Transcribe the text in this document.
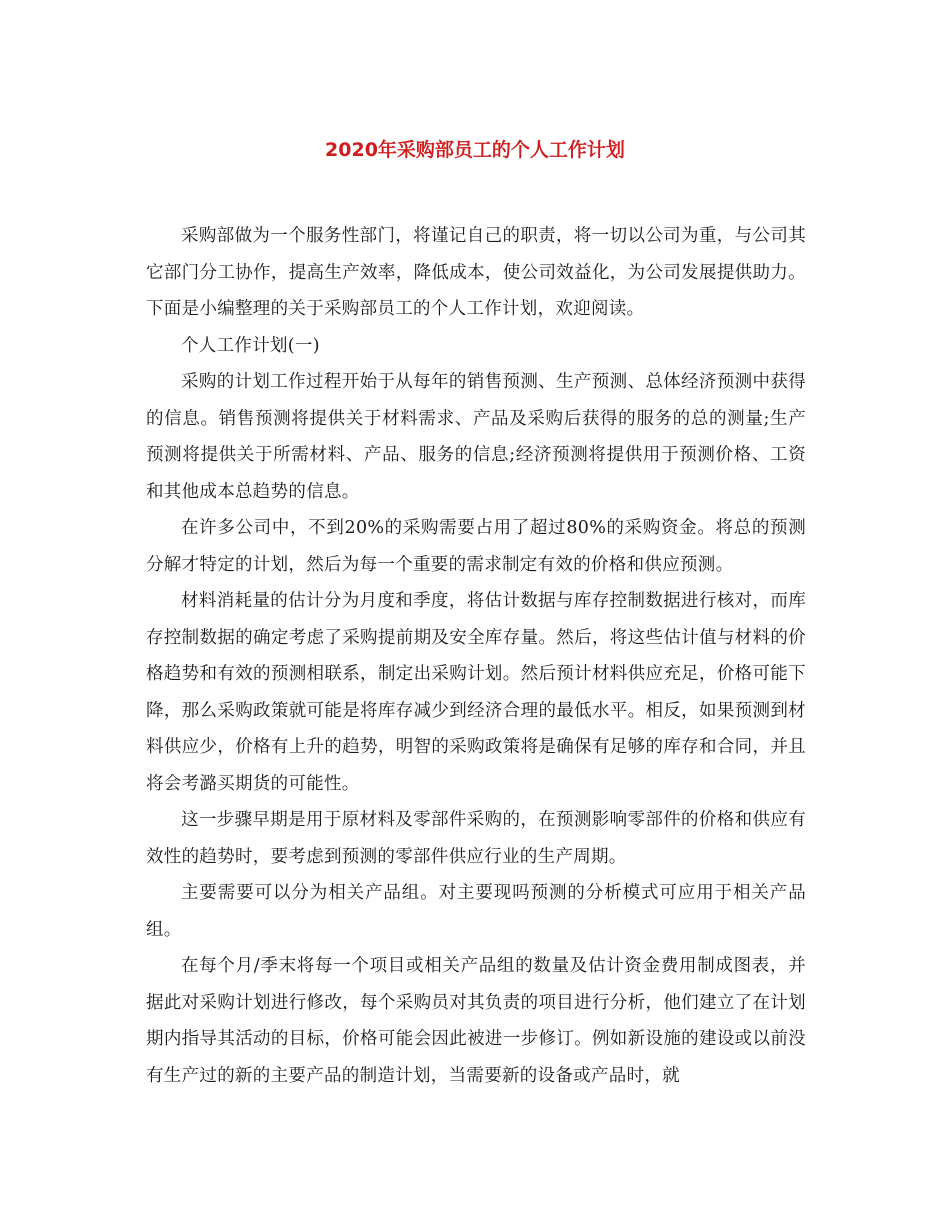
2020年采购部员工的个人工作计划

采购部做为一个服务性部门，将谨记自己的职责，将一切以公司为重，与公司其它部门分工协作，提高生产效率，降低成本，使公司效益化，为公司发展提供助力。下面是小编整理的关于采购部员工的个人工作计划，欢迎阅读。

个人工作计划(一)

采购的计划工作过程开始于从每年的销售预测、生产预测、总体经济预测中获得的信息。销售预测将提供关于材料需求、产品及采购后获得的服务的总的测量;生产预测将提供关于所需材料、产品、服务的信息;经济预测将提供用于预测价格、工资和其他成本总趋势的信息。

在许多公司中，不到20%的采购需要占用了超过80%的采购资金。将总的预测分解才特定的计划，然后为每一个重要的需求制定有效的价格和供应预测。

材料消耗量的估计分为月度和季度，将估计数据与库存控制数据进行核对，而库存控制数据的确定考虑了采购提前期及安全库存量。然后，将这些估计值与材料的价格趋势和有效的预测相联系，制定出采购计划。然后预计材料供应充足，价格可能下降，那么采购政策就可能是将库存减少到经济合理的最低水平。相反，如果预测到材料供应少，价格有上升的趋势，明智的采购政策将是确保有足够的库存和合同，并且将会考潞买期货的可能性。

这一步骤早期是用于原材料及零部件采购的，在预测影响零部件的价格和供应有效性的趋势时，要考虑到预测的零部件供应行业的生产周期。

主要需要可以分为相关产品组。对主要现吗预测的分析模式可应用于相关产品组。

在每个月/季末将每一个项目或相关产品组的数量及估计资金费用制成图表，并据此对采购计划进行修改，每个采购员对其负责的项目进行分析，他们建立了在计划期内指导其活动的目标，价格可能会因此被进一步修订。例如新设施的建设或以前没有生产过的新的主要产品的制造计划，当需要新的设备或产品时，就
